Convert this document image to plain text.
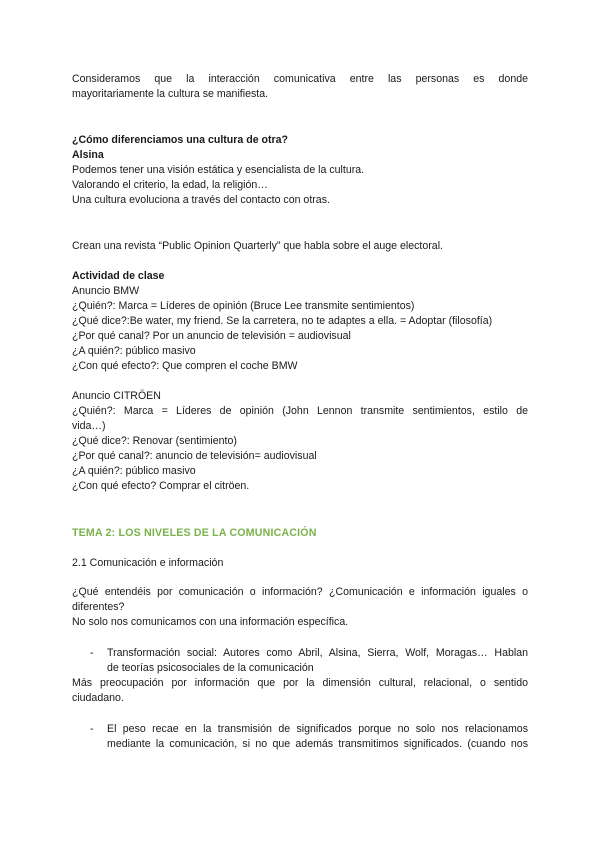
Consideramos que la interacción comunicativa entre las personas es donde
mayoritariamente la cultura se manifiesta.
¿Cómo diferenciamos una cultura de otra?
Alsina
Podemos tener una visión estática y esencialista de la cultura.
Valorando el criterio, la edad, la religión…
Una cultura evoluciona a través del contacto con otras.
Crean una revista “Public Opinion Quarterly” que habla sobre el auge electoral.
Actividad de clase
Anuncio BMW
¿Quién?: Marca = Líderes de opinión (Bruce Lee transmite sentimientos)
¿Qué dice?:Be water, my friend. Se la carretera, no te adaptes a ella. = Adoptar (filosofía)
¿Por qué canal? Por un anuncio de televisión = audiovisual
¿A quién?: público masivo
¿Con qué efecto?: Que compren el coche BMW
Anuncio CITRÖEN
¿Quién?: Marca = Líderes de opinión (John Lennon transmite sentimientos, estilo de
vida…)
¿Qué dice?: Renovar (sentimiento)
¿Por qué canal?: anuncio de televisión= audiovisual
¿A quién?: público masivo
¿Con qué efecto? Comprar el citröen.
TEMA 2: LOS NIVELES DE LA COMUNICACIÓN
2.1 Comunicación e información
¿Qué entendéis por comunicación o información? ¿Comunicación e información iguales o
diferentes?
No solo nos comunicamos con una información específica.
- Transformación social: Autores como Abril, Alsina, Sierra, Wolf, Moragas… Hablan
de teorías psicosociales de la comunicación
Más preocupación por información que por la dimensión cultural, relacional, o sentido
ciudadano.
- El peso recae en la transmisión de significados porque no solo nos relacionamos
mediante la comunicación, si no que además transmitimos significados. (cuando nos
